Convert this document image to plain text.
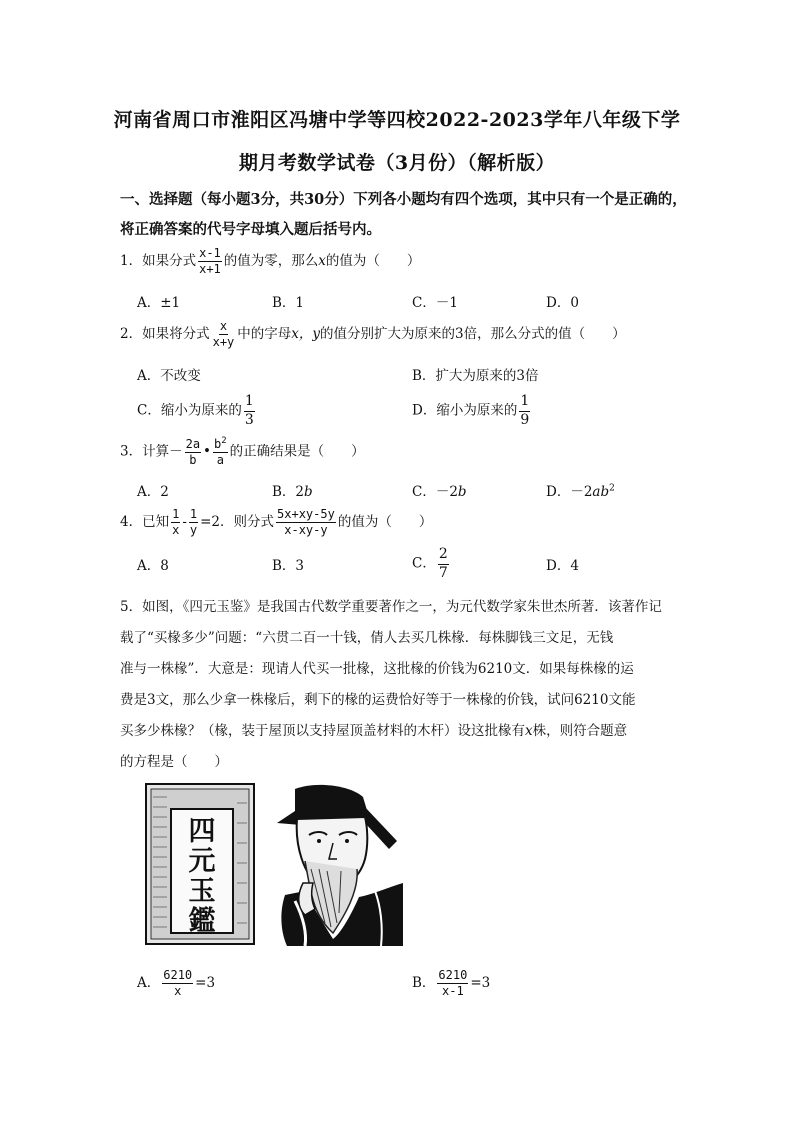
河南省周口市淮阳区冯塘中学等四校2022-2023学年八年级下学
期月考数学试卷（3月份）（解析版）
一、选择题（每小题3分，共30分）下列各小题均有四个选项，其中只有一个是正确的，
将正确答案的代号字母填入题后括号内。
1．如果分式 $\frac{x-1}{x+1}$ 的值为零，那么x的值为（　　）
A．±1	B．1	C．－1	D．0
2．如果将分式 $\frac{x}{x+y}$ 中的字母x，y的值分别扩大为原来的3倍，那么分式的值（　　）
A．不改变	B．扩大为原来的3倍
C．缩小为原来的 $\frac{1}{3}$	D．缩小为原来的 $\frac{1}{9}$
3．计算－ $\frac{2a}{b}$ • $\frac{b^2}{a}$ 的正确结果是（　　）
A．2	B．2b	C．－2b	D．$-2ab^2$
4．已知 $\frac{1}{x} - \frac{1}{y} =2$．则分式 $\frac{5x+xy-5y}{x-xy-y}$ 的值为（　　）
A．8	B．3	C． $\frac{2}{7}$	D．4
5．如图，《四元玉鉴》是我国古代数学重要著作之一，为元代数学家朱世杰所著．该著作记
载了“买椽多少”问题：“六贯二百一十钱，倩人去买几株椽．每株脚钱三文足，无钱
准与一株椽”．大意是：现请人代买一批椽，这批椽的价钱为6210文．如果每株椽的运
费是3文，那么少拿一株椽后，剩下的椽的运费恰好等于一株椽的价钱，试问6210文能
买多少株椽？（椽，装于屋顶以支持屋顶盖材料的木杆）设这批椽有x株，则符合题意
的方程是（　　）
四元玉鑑
A． $\frac{6210}{x} =3$	B． $\frac{6210}{x-1} =3$
